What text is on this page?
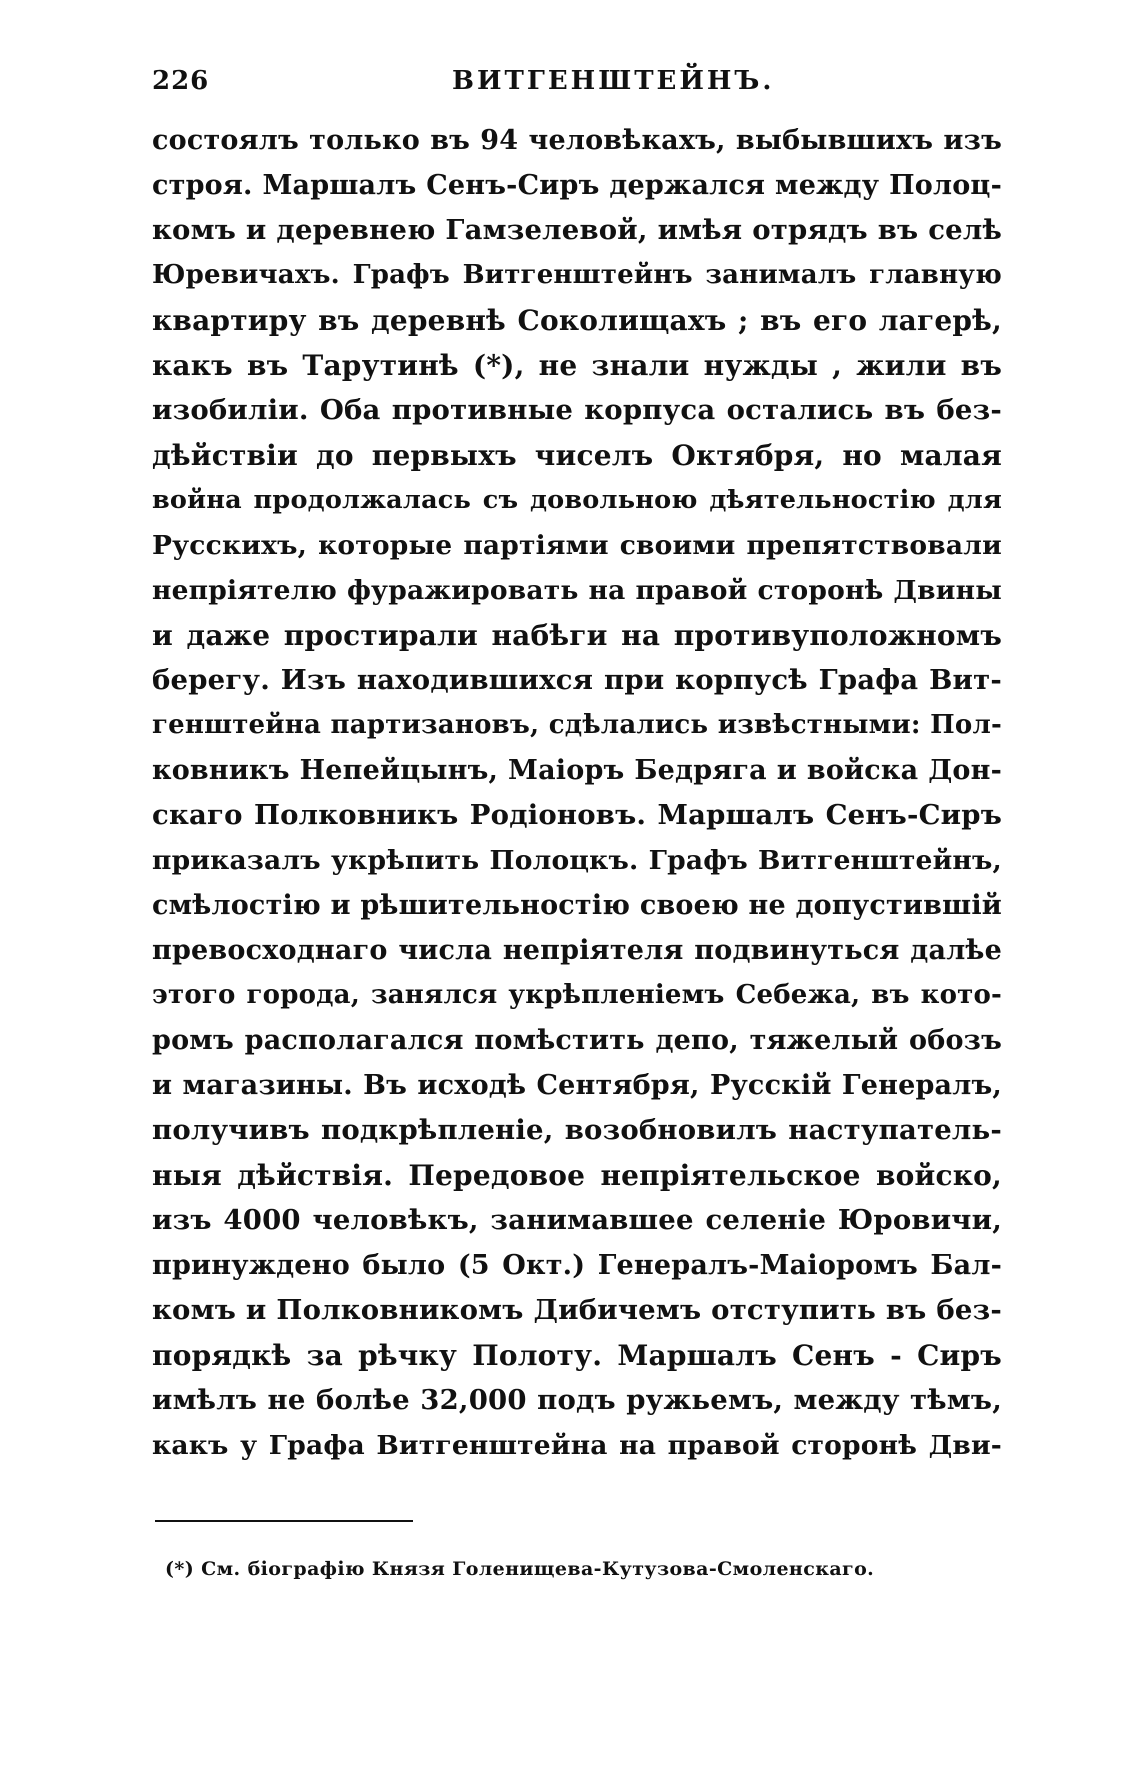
226	ВИТГЕНШТЕЙНЪ.
состоялъ только въ 94 человѣкахъ, выбывшихъ изъ
строя. Маршалъ Сенъ-Сиръ держался между Полоц-
комъ и деревнею Гамзелевой, имѣя отрядъ въ селѣ
Юревичахъ. Графъ Витгенштейнъ занималъ главную
квартиру въ деревнѣ Соколищахъ ; въ его лагерѣ,
какъ въ Тарутинѣ (*), не знали нужды , жили въ
изобиліи. Оба противные корпуса остались въ без-
дѣйствіи до первыхъ чиселъ Октября, но малая
война продолжалась съ довольною дѣятельностію для
Русскихъ, которые партіями своими препятствовали
непріятелю фуражировать на правой сторонѣ Двины
и даже простирали набѣги на противуположномъ
берегу. Изъ находившихся при корпусѣ Графа Вит-
генштейна партизановъ, сдѣлались извѣстными: Пол-
ковникъ Непейцынъ, Маіоръ Бедряга и войска Дон-
скаго Полковникъ Родіоновъ. Маршалъ Сенъ-Сиръ
приказалъ укрѣпить Полоцкъ. Графъ Витгенштейнъ,
смѣлостію и рѣшительностію своею не допустившій
превосходнаго числа непріятеля подвинуться далѣе
этого города, занялся укрѣпленіемъ Себежа, въ кото-
ромъ располагался помѣстить депо, тяжелый обозъ
и магазины. Въ исходѣ Сентября, Русскій Генералъ,
получивъ подкрѣпленіе, возобновилъ наступатель-
ныя дѣйствія. Передовое непріятельское войско,
изъ 4000 человѣкъ, занимавшее селеніе Юровичи,
принуждено было (5 Окт.) Генералъ-Маіоромъ Бал-
комъ и Полковникомъ Дибичемъ отступить въ без-
порядкѣ за рѣчку Полоту. Маршалъ Сенъ - Сиръ
имѣлъ не болѣе 32,000 подъ ружьемъ, между тѣмъ,
какъ у Графа Витгенштейна на правой сторонѣ Дви-
(*) См. біографію Князя Голенищева-Кутузова-Смоленскаго.
